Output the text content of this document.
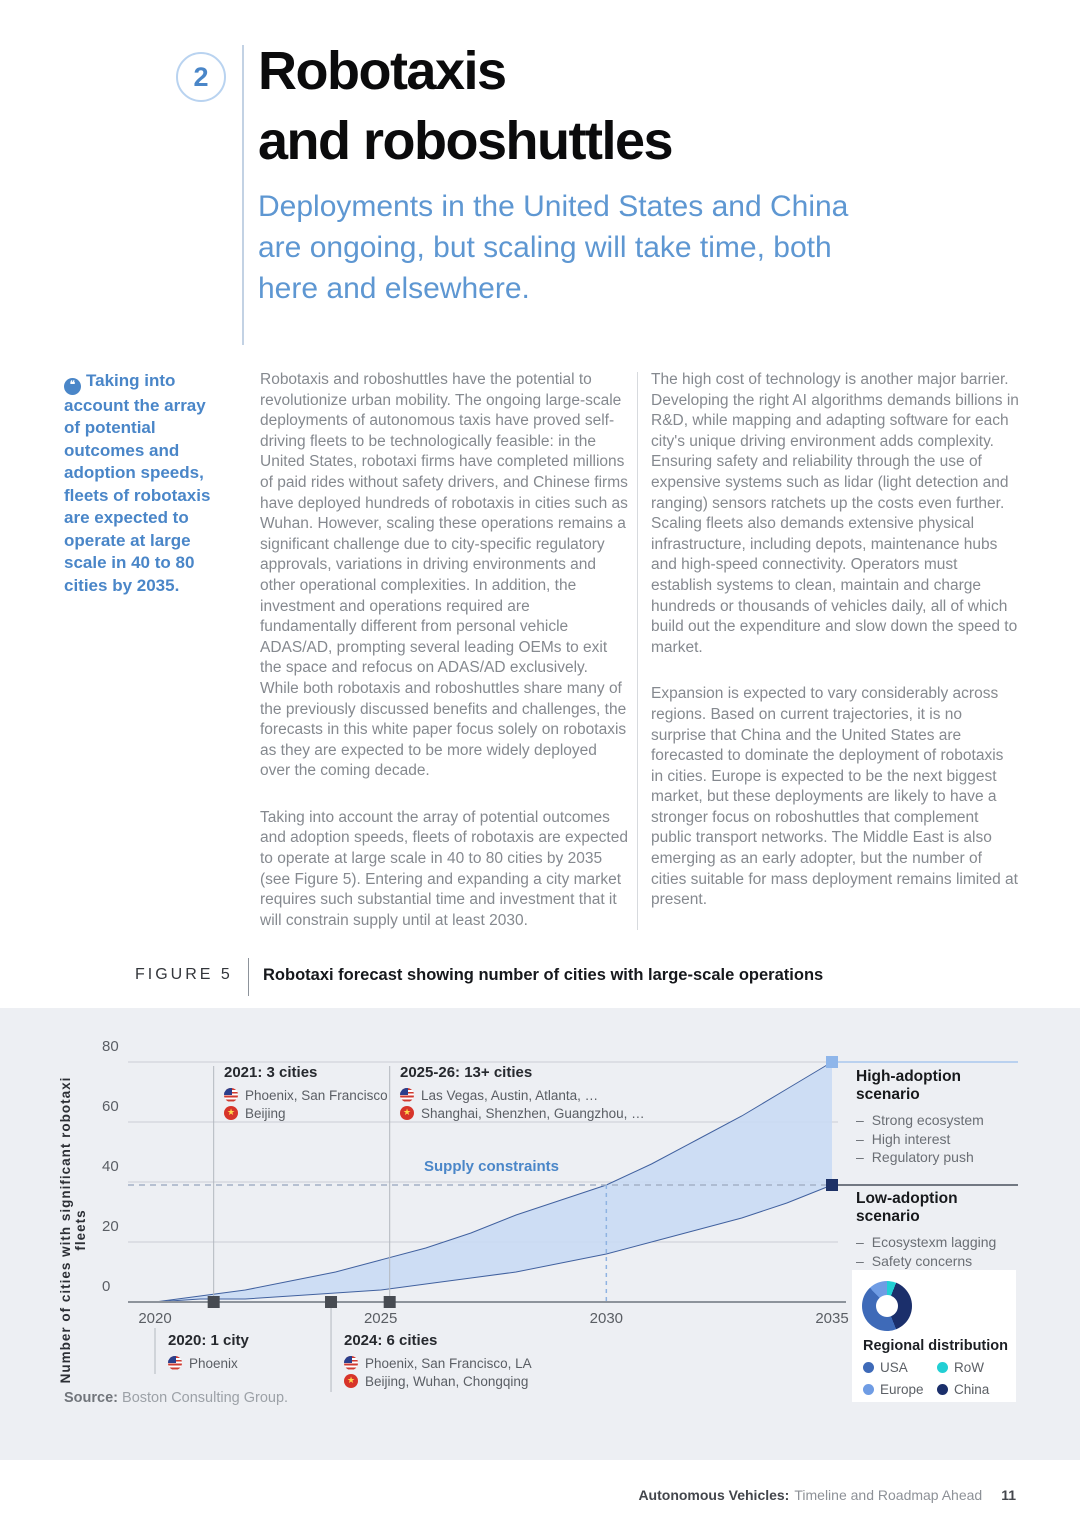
2 Robotaxis
and roboshuttles
Deployments in the United States and China are ongoing, but scaling will take time, both here and elsewhere.
❝Taking into account the array of potential outcomes and adoption speeds, fleets of robotaxis are expected to operate at large scale in 40 to 80 cities by 2035.

Robotaxis and roboshuttles have the potential to revolutionize urban mobility. The ongoing large-scale deployments of autonomous taxis have proved self-driving fleets to be technologically feasible: in the United States, robotaxi firms have completed millions of paid rides without safety drivers, and Chinese firms have deployed hundreds of robotaxis in cities such as Wuhan. However, scaling these operations remains a significant challenge due to city-specific regulatory approvals, variations in driving environments and other operational complexities. In addition, the investment and operations required are fundamentally different from personal vehicle ADAS/AD, prompting several leading OEMs to exit the space and refocus on ADAS/AD exclusively. While both robotaxis and roboshuttles share many of the previously discussed benefits and challenges, the forecasts in this white paper focus solely on robotaxis as they are expected to be more widely deployed over the coming decade.

Taking into account the array of potential outcomes and adoption speeds, fleets of robotaxis are expected to operate at large scale in 40 to 80 cities by 2035 (see Figure 5). Entering and expanding a city market requires such substantial time and investment that it will constrain supply until at least 2030.

The high cost of technology is another major barrier. Developing the right AI algorithms demands billions in R&D, while mapping and adapting software for each city's unique driving environment adds complexity. Ensuring safety and reliability through the use of expensive systems such as lidar (light detection and ranging) sensors ratchets up the costs even further. Scaling fleets also demands extensive physical infrastructure, including depots, maintenance hubs and high-speed connectivity. Operators must establish systems to clean, maintain and charge hundreds or thousands of vehicles daily, all of which build out the expenditure and slow down the speed to market.

Expansion is expected to vary considerably across regions. Based on current trajectories, it is no surprise that China and the United States are forecasted to dominate the deployment of robotaxis in cities. Europe is expected to be the next biggest market, but these deployments are likely to have a stronger focus on roboshuttles that complement public transport networks. The Middle East is also emerging as an early adopter, but the number of cities suitable for mass deployment remains limited at present.

FIGURE 5 Robotaxi forecast showing number of cities with large-scale operations
Number of cities with significant robotaxi fleets
Supply constraints
2021: 3 cities
Phoenix, San Francisco
★
Beijing
2025-26: 13+ cities
Las Vegas, Austin, Atlanta, …
★
Shanghai, Shenzhen, Guangzhou, …
2020: 1 city
Phoenix
2024: 6 cities
Phoenix, San Francisco, LA
★
Beijing, Wuhan, Chongqing
High-adoption scenario
– Strong ecosystem
– High interest
– Regulatory push
Low-adoption scenario
– Ecosystexm lagging
– Safety concerns
–
Regional distribution
USA	RoW
Europe China
Source: Boston Consulting Group.
0
20
40
60
80
2020	2025	2030	2035
Autonomous Vehicles: Timeline and Roadmap Ahead 11
